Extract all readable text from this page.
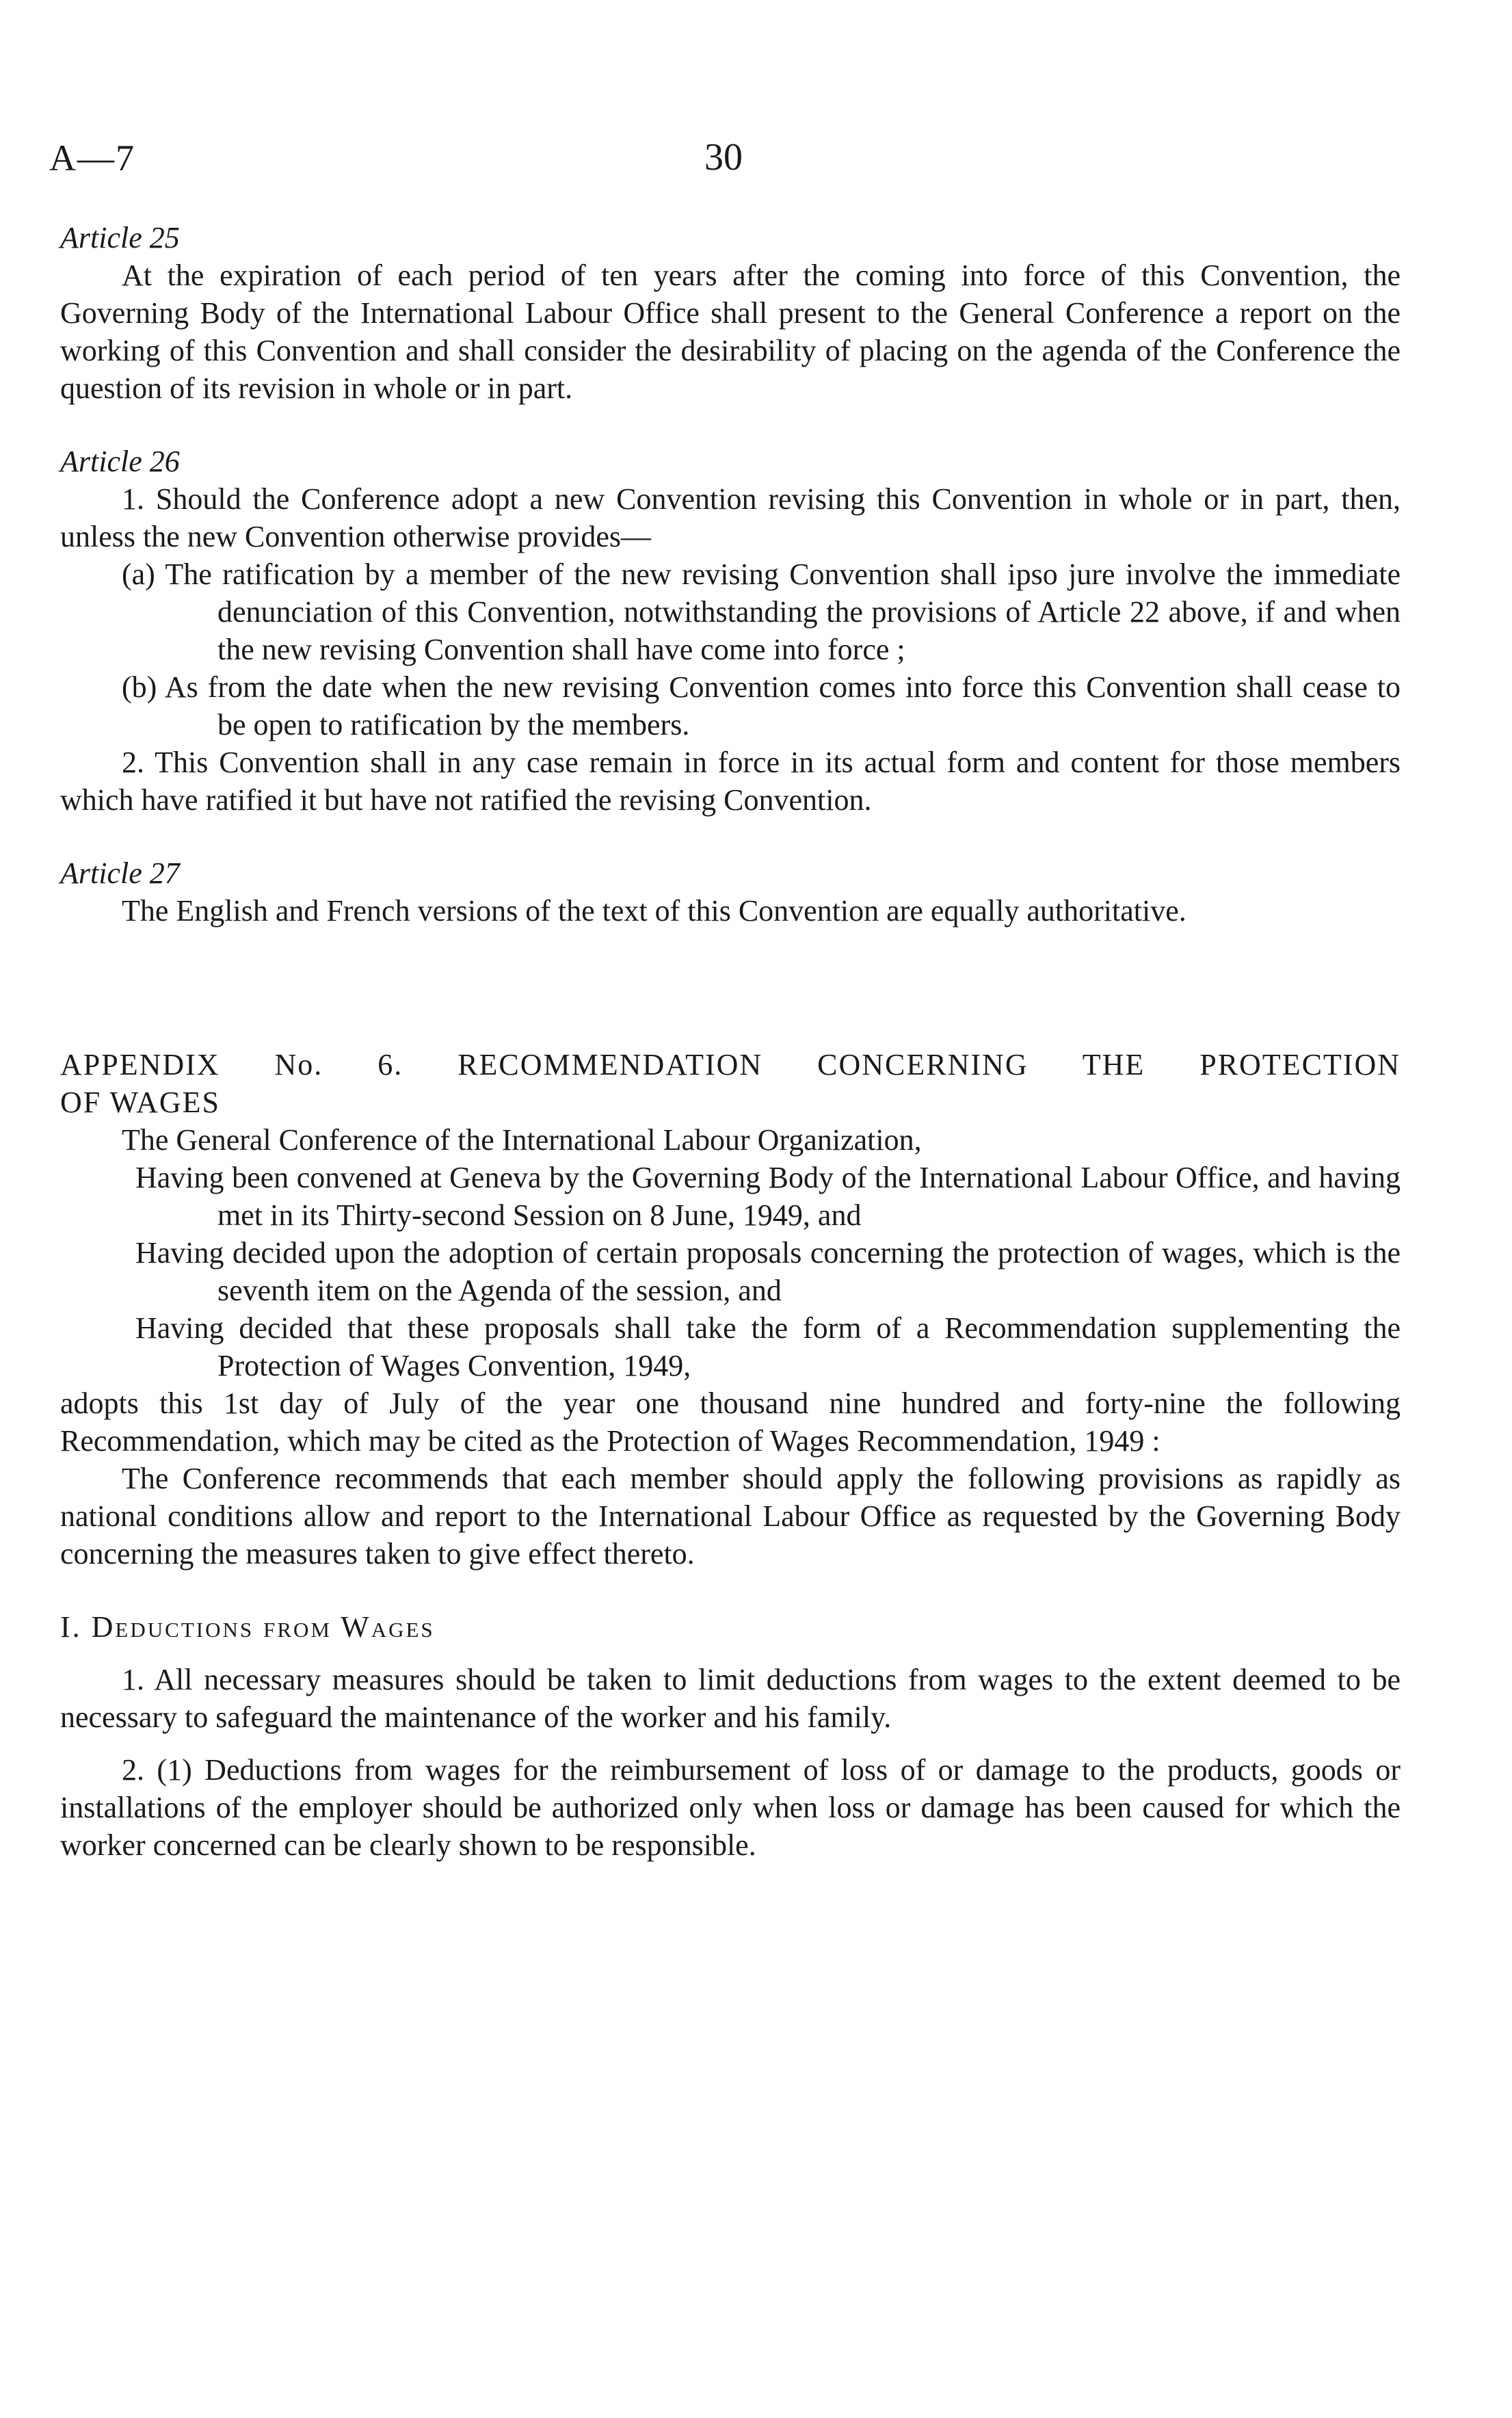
A—7	30

Article 25

At the expiration of each period of ten years after the coming into force of this Convention, the Governing Body of the International Labour Office shall present to the General Conference a report on the working of this Convention and shall consider the desirability of placing on the agenda of the Conference the question of its revision in whole or in part.

Article 26

1. Should the Conference adopt a new Convention revising this Convention in whole or in part, then, unless the new Convention otherwise provides—

(a) The ratification by a member of the new revising Convention shall ipso jure involve the immediate denunciation of this Convention, notwithstanding the provisions of Article 22 above, if and when the new revising Convention shall have come into force ;

(b) As from the date when the new revising Convention comes into force this Convention shall cease to be open to ratification by the members.

2. This Convention shall in any case remain in force in its actual form and content for those members which have ratified it but have not ratified the revising Convention.

Article 27

The English and French versions of the text of this Convention are equally authoritative.

APPENDIX No. 6. RECOMMENDATION CONCERNING THE PROTECTION
OF WAGES

The General Conference of the International Labour Organization,

Having been convened at Geneva by the Governing Body of the International Labour Office, and having met in its Thirty-second Session on 8 June, 1949, and

Having decided upon the adoption of certain proposals concerning the protection of wages, which is the seventh item on the Agenda of the session, and

Having decided that these proposals shall take the form of a Recommendation supplementing the Protection of Wages Convention, 1949,

adopts this 1st day of July of the year one thousand nine hundred and forty-nine the following Recommendation, which may be cited as the Protection of Wages Recommendation, 1949 :

The Conference recommends that each member should apply the following provisions as rapidly as national conditions allow and report to the International Labour Office as requested by the Governing Body concerning the measures taken to give effect thereto.

I. Deductions from Wages

1. All necessary measures should be taken to limit deductions from wages to the extent deemed to be necessary to safeguard the maintenance of the worker and his family.

2. (1) Deductions from wages for the reimbursement of loss of or damage to the products, goods or installations of the employer should be authorized only when loss or damage has been caused for which the worker concerned can be clearly shown to be responsible.
